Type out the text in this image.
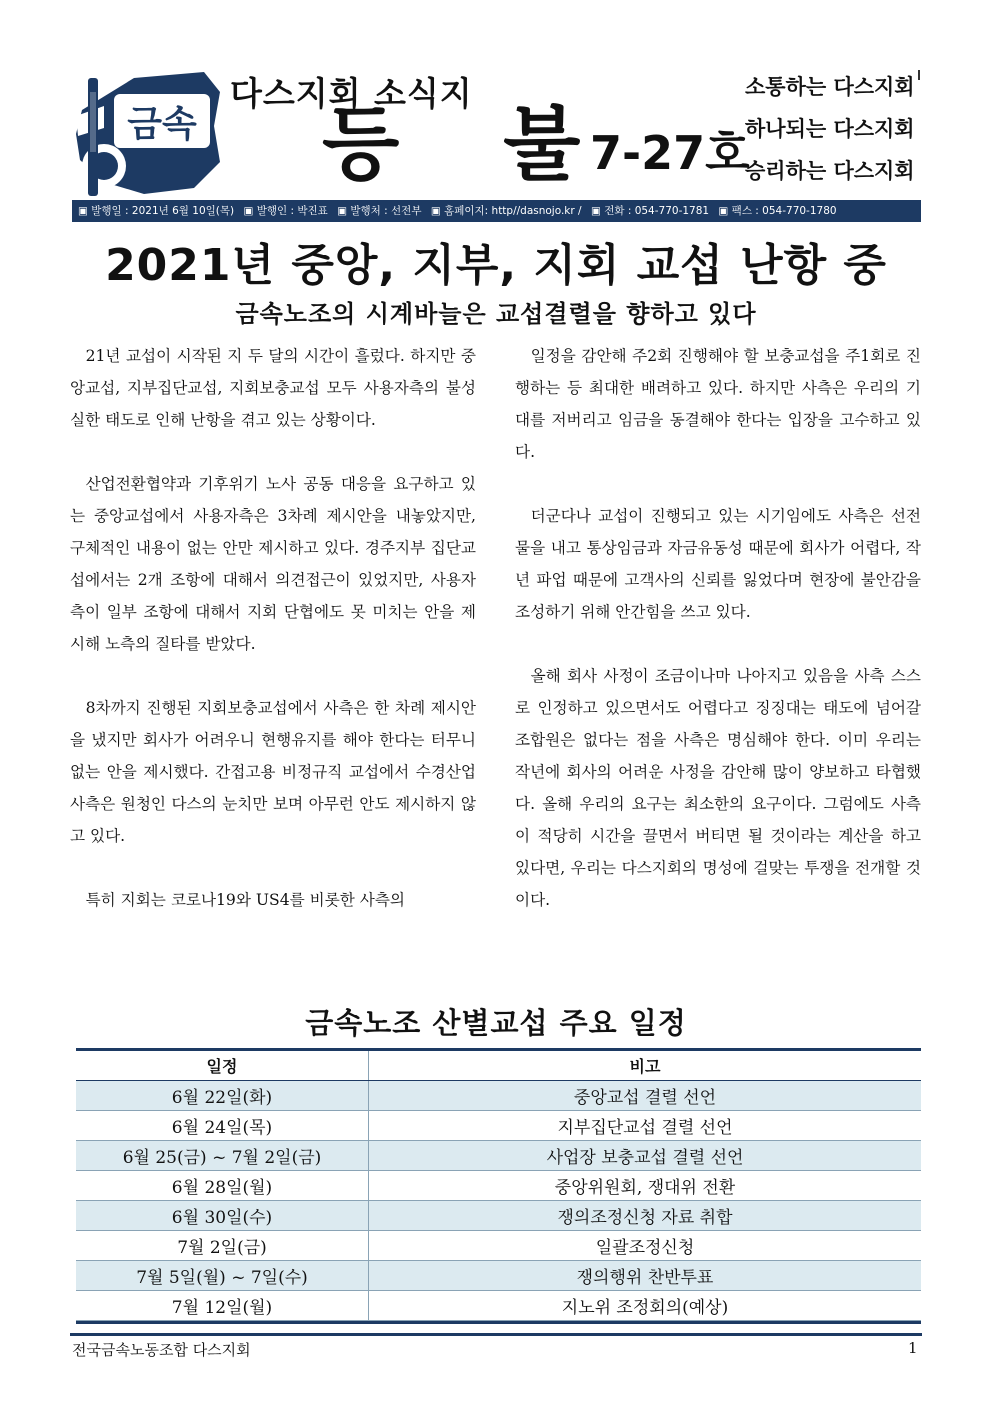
금속
다스지회 소식지
등 불
7-27호
소통하는 다스지회
하나되는 다스지회
승리하는 다스지회
▣ 발행일 : 2021년 6월 10일(목) ▣ 발행인 : 박진표 ▣ 발행처 : 선전부 ▣ 홈페이지: http//dasnojo.kr / ▣ 전화 : 054-770-1781 ▣ 팩스 : 054-770-1780
2021년 중앙, 지부, 지회 교섭 난항 중
금속노조의 시계바늘은 교섭결렬을 향하고 있다

21년 교섭이 시작된 지 두 달의 시간이 흘렀다. 하지만 중앙교섭, 지부집단교섭, 지회보충교섭 모두 사용자측의 불성실한 태도로 인해 난항을 겪고 있는 상황이다.

산업전환협약과 기후위기 노사 공동 대응을 요구하고 있는 중앙교섭에서 사용자측은 3차례 제시안을 내놓았지만, 구체적인 내용이 없는 안만 제시하고 있다. 경주지부 집단교섭에서는 2개 조항에 대해서 의견접근이 있었지만, 사용자측이 일부 조항에 대해서 지회 단협에도 못 미치는 안을 제시해 노측의 질타를 받았다.

8차까지 진행된 지회보충교섭에서 사측은 한 차례 제시안을 냈지만 회사가 어려우니 현행유지를 해야 한다는 터무니없는 안을 제시했다. 간접고용 비정규직 교섭에서 수경산업 사측은 원청인 다스의 눈치만 보며 아무런 안도 제시하지 않고 있다.

특히 지회는 코로나19와 US4를 비롯한 사측의

일정을 감안해 주2회 진행해야 할 보충교섭을 주1회로 진행하는 등 최대한 배려하고 있다. 하지만 사측은 우리의 기대를 저버리고 임금을 동결해야 한다는 입장을 고수하고 있다.

더군다나 교섭이 진행되고 있는 시기임에도 사측은 선전물을 내고 통상임금과 자금유동성 때문에 회사가 어렵다, 작년 파업 때문에 고객사의 신뢰를 잃었다며 현장에 불안감을 조성하기 위해 안간힘을 쓰고 있다.

올해 회사 사정이 조금이나마 나아지고 있음을 사측 스스로 인정하고 있으면서도 어렵다고 징징대는 태도에 넘어갈 조합원은 없다는 점을 사측은 명심해야 한다. 이미 우리는 작년에 회사의 어려운 사정을 감안해 많이 양보하고 타협했다. 올해 우리의 요구는 최소한의 요구이다. 그럼에도 사측이 적당히 시간을 끌면서 버티면 될 것이라는 계산을 하고 있다면, 우리는 다스지회의 명성에 걸맞는 투쟁을 전개할 것이다.

금속노조 산별교섭 주요 일정
일정	비고
6월 22일(화)	중앙교섭 결렬 선언
6월 24일(목)	지부집단교섭 결렬 선언
6월 25(금) ~ 7월 2일(금)	사업장 보충교섭 결렬 선언
6월 28일(월)	중앙위원회, 쟁대위 전환
6월 30일(수)	쟁의조정신청 자료 취합
7월 2일(금)	일괄조정신청
7월 5일(월) ~ 7일(수)	쟁의행위 찬반투표
7월 12일(월)	지노위 조정회의(예상)
전국금속노동조합 다스지회	1
